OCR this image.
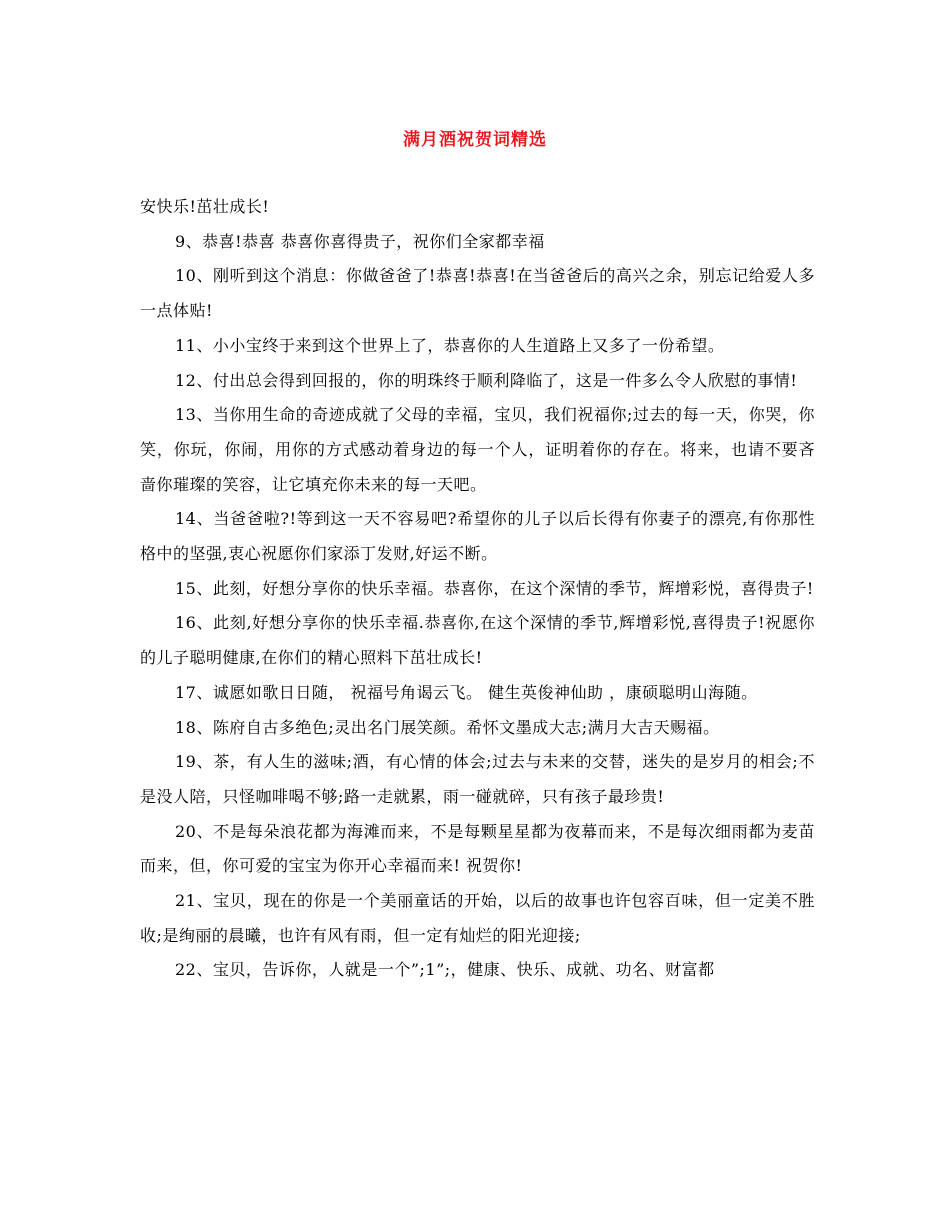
满月酒祝贺词精选

安快乐!茁壮成长!

9、恭喜!恭喜 恭喜你喜得贵子，祝你们全家都幸福

10、刚听到这个消息：你做爸爸了!恭喜!恭喜!在当爸爸后的高兴之余，别忘记给爱人多一点体贴!

11、小小宝终于来到这个世界上了，恭喜你的人生道路上又多了一份希望。

12、付出总会得到回报的，你的明珠终于顺利降临了，这是一件多么令人欣慰的事情!

13、当你用生命的奇迹成就了父母的幸福，宝贝，我们祝福你;过去的每一天，你哭，你笑，你玩，你闹，用你的方式感动着身边的每一个人，证明着你的存在。将来，也请不要吝啬你璀璨的笑容，让它填充你未来的每一天吧。

14、当爸爸啦?!等到这一天不容易吧?希望你的儿子以后长得有你妻子的漂亮,有你那性格中的坚强,衷心祝愿你们家添丁发财,好运不断。

15、此刻，好想分享你的快乐幸福。恭喜你，在这个深情的季节，辉增彩悦，喜得贵子!

16、此刻,好想分享你的快乐幸福.恭喜你,在这个深情的季节,辉增彩悦,喜得贵子!祝愿你的儿子聪明健康,在你们的精心照料下茁壮成长!

17、诚愿如歌日日随， 祝福号角谒云飞。 健生英俊神仙助 ，康硕聪明山海随。

18、陈府自古多绝色;灵出名门展笑颜。希怀文墨成大志;满月大吉天赐福。

19、茶，有人生的滋味;酒，有心情的体会;过去与未来的交替，迷失的是岁月的相会;不是没人陪，只怪咖啡喝不够;路一走就累，雨一碰就碎，只有孩子最珍贵!

20、不是每朵浪花都为海滩而来，不是每颗星星都为夜幕而来，不是每次细雨都为麦苗而来，但，你可爱的宝宝为你开心幸福而来! 祝贺你!

21、宝贝，现在的你是一个美丽童话的开始，以后的故事也许包容百味，但一定美不胜收;是绚丽的晨曦，也许有风有雨，但一定有灿烂的阳光迎接;

22、宝贝，告诉你，人就是一个”;1”;，健康、快乐、成就、功名、财富都
